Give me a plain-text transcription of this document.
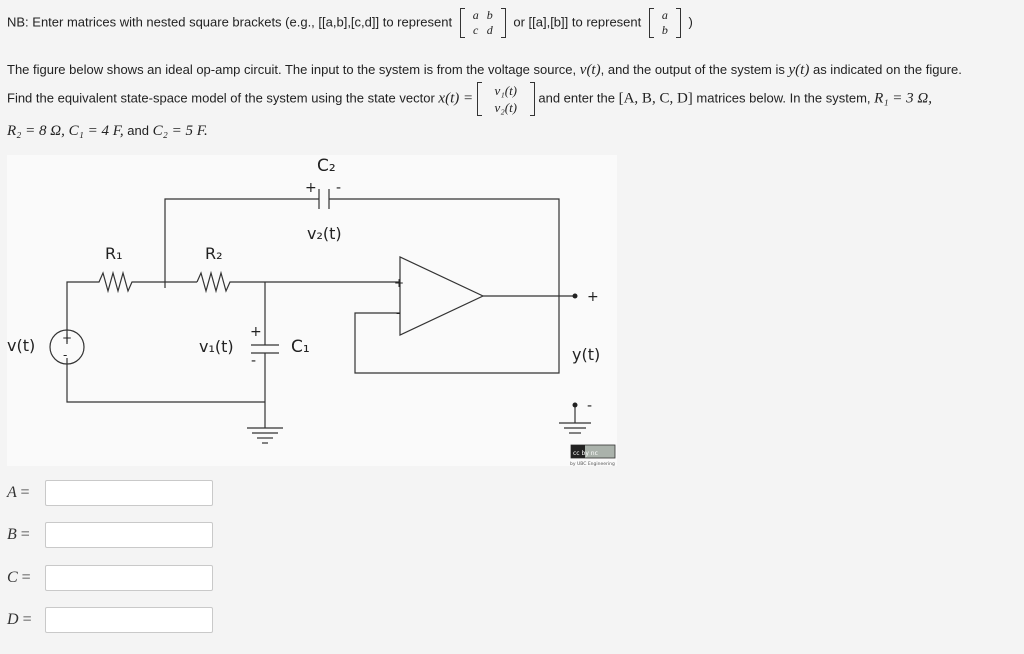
NB: Enter matrices with nested square brackets (e.g., [[a,b],[c,d]] to represent	a b
c d
or [[a],[b]] to represent	a
b
)
The figure below shows an ideal op-amp circuit. The input to the system is from the voltage source, v(t), and the output of the system is y(t) as indicated on the figure.
Find the equivalent state-space model of the system using the state vector x(t) =	v₁(t)
v₂(t)
and enter the [A, B, C, D] matrices below. In the system, R₁ = 3 Ω,
R₂ = 8 Ω, C₁ = 4 F, and C₂ = 5 F.
C₂
+ -
v₂(t)
R₁	R₂
v(t) +
-	v₁(t)
+
-
C₁
+
-
+
y(t)
-
cc by nc
by UBC Engineering
A =
B =
C =
D =
